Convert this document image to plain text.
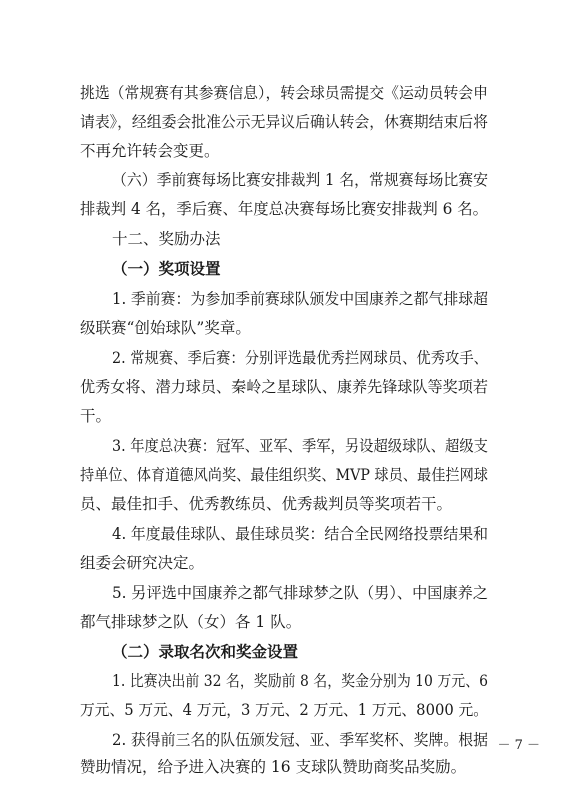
挑选（常规赛有其参赛信息），转会球员需提交《运动员转会申
请表》，经组委会批准公示无异议后确认转会，休赛期结束后将
不再允许转会变更。
（六）季前赛每场比赛安排裁判 1 名，常规赛每场比赛安
排裁判 4 名，季后赛、年度总决赛每场比赛安排裁判 6 名。
十二、奖励办法
（一）奖项设置
1. 季前赛：为参加季前赛球队颁发中国康养之都气排球超
级联赛“创始球队”奖章。
2. 常规赛、季后赛：分别评选最优秀拦网球员、优秀攻手、
优秀女将、潜力球员、秦岭之星球队、康养先锋球队等奖项若
干。
3. 年度总决赛：冠军、亚军、季军，另设超级球队、超级支
持单位、体育道德风尚奖、最佳组织奖、MVP 球员、最佳拦网球
员、最佳扣手、优秀教练员、优秀裁判员等奖项若干。
4. 年度最佳球队、最佳球员奖：结合全民网络投票结果和
组委会研究决定。
5. 另评选中国康养之都气排球梦之队（男）、中国康养之
都气排球梦之队（女）各 1 队。
（二）录取名次和奖金设置
1. 比赛决出前 32 名，奖励前 8 名，奖金分别为 10 万元、6
万元、5 万元、4 万元，3 万元、2 万元、1 万元、8000 元。
2. 获得前三名的队伍颁发冠、亚、季军奖杯、奖牌。根据
赞助情况，给予进入决赛的 16 支球队赞助商奖品奖励。
－ 7 －
